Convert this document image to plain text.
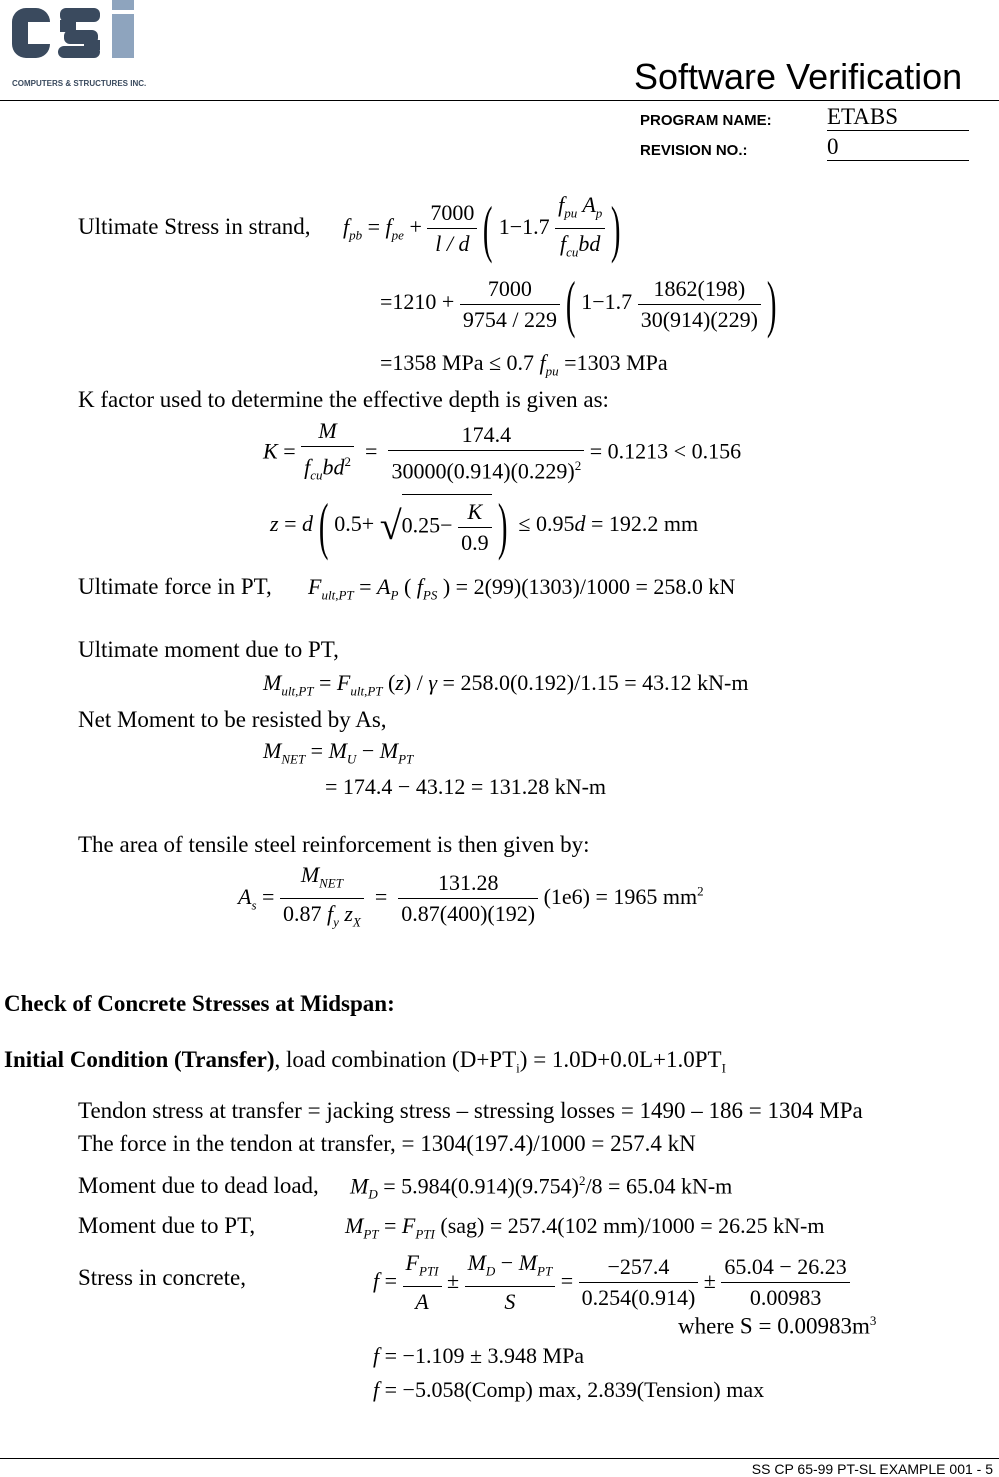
COMPUTERS & STRUCTURES INC.	Software Verification
PROGRAM NAME: ETABS
REVISION NO.:	0
Ultimate Stress in strand, $f_{pb} = f_{pe} + \frac{7000}{l / d}$ ( $1-1.7 \frac{f_{pu} A_p}{f_{cu}bd}$ )
$=1210 + \frac{7000}{9754 / 229}$ ( $1-1.7 \frac{1862(198)}{30(914)(229)}$ )
=1358 MPa ≤ 0.7 $f_{pu} =1303$ MPa
K factor used to determine the effective depth is given as:
$K = \frac{M}{f_{cu}bd^2} = \frac{174.4}{30000(0.914)(0.229)^2} = 0.1213 < 0.156$
z = d( $0.5+ √0.25- \frac{K}{0.9}$ ) ≤ 0.95d = 192.2 mm
Ultimate force in PT, $F_{ult,PT} = A_P$ ( $f_{PS}$ ) = 2(99)(1303)/1000 = 258.0 kN
Ultimate moment due to PT,
$M_{ult,PT} = F_{ult,PT}$ (z) / γ = 258.0(0.192)/1.15 = 43.12 kN-m
Net Moment to be resisted by As,
$M_{NET} = M_U - M_{PT}$
= 174.4 − 43.12 = 131.28 kN-m
The area of tensile steel reinforcement is then given by:
$A_s = \frac{M_{NET}}{0.87 f_y z_X} = \frac{131.28}{0.87(400)(192)} (1e6) = 1965$ $mm^2$
Check of Concrete Stresses at Midspan:
Initial Condition (Transfer), load combination $(D+PT_i) = 1.0D+0.0L+1.0PT_I$
Tendon stress at transfer = jacking stress – stressing losses = 1490 – 186 = 1304 MPa
The force in the tendon at transfer, = 1304(197.4)/1000 = 257.4 kN
Moment due to dead load, $M_D = 5.984(0.914)(9.754)^2/8 = 65.04$ kN-m
Moment due to PT,	$M_{PT} = F_{PTI}$ (sag) = 257.4(102 mm)/1000 = 26.25 kN-m
Stress in concrete,	$f = \frac{F_{PTI}}{A} \pm \frac{M_D - M_{PT}}{S} = \frac{-257.4}{0.254(0.914)} \pm \frac{65.04 - 26.23}{0.00983}$
where $S = 0.00983m^3$
f = −1.109 ± 3.948 MPa
f = −5.058(Comp) max, 2.839(Tension) max
SS CP 65-99 PT-SL EXAMPLE 001 - 5
